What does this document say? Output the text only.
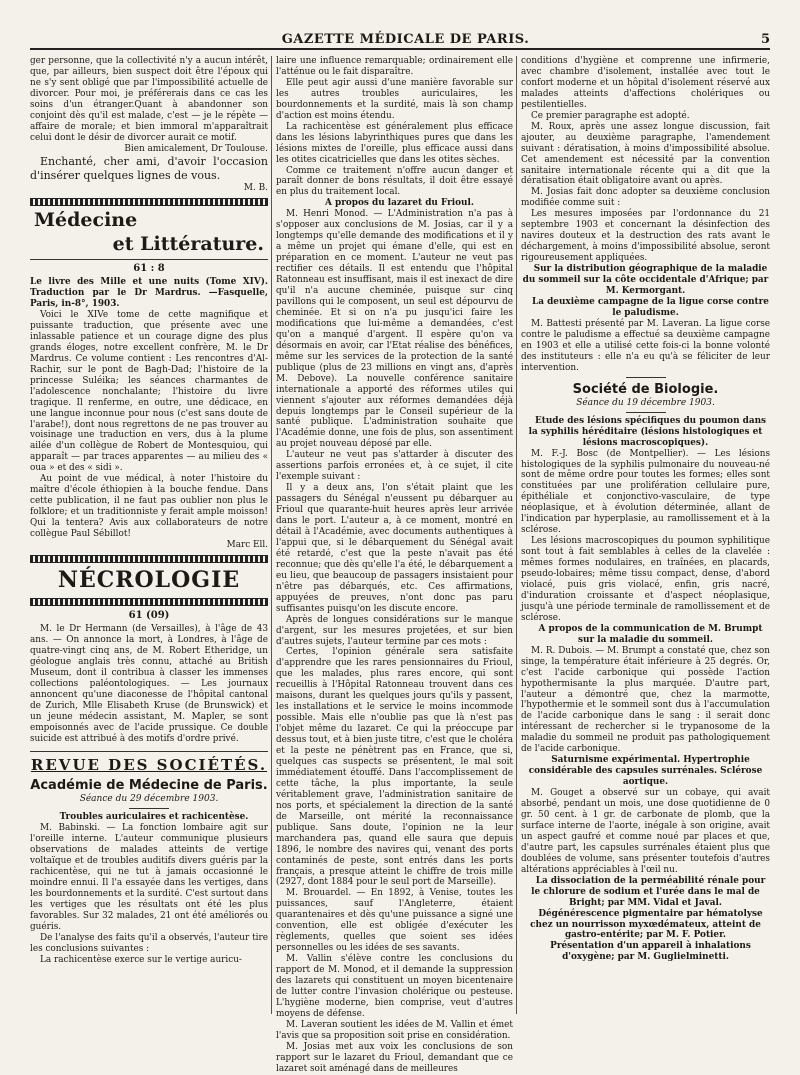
GAZETTE MÉDICALE DE PARIS.	5

ger personne, que la collectivité n'y a aucun intérêt, que, par ailleurs, bien suspect doit être l'époux qui ne s'y sent obligé que par l'impossibilité actuelle de divorcer. Pour moi, je préférerais dans ce cas les soins d'un étranger.Quant à abandonner son conjoint dès qu'il est malade, c'est — je le répète — affaire de morale; et bien immoral m'apparaîtrait celui dont le désir de divorcer aurait ce motif.

Bien amicalement, Dr Toulouse.

Enchanté, cher ami, d'avoir l'occasion d'insérer quelques lignes de vous.

M. B.

Médecine
et Littérature.
61 : 8

Le livre des Mille et une nuits (Tome XIV). Traduction par le Dr Mardrus. —Fasquelle, Paris, in-8°, 1903.

Voici le XIVe tome de cette magnifique et puissante traduction, que présente avec une inlassable patience et un courage digne des plus grands éloges, notre excellent confrère, M. le Dr Mardrus. Ce volume contient : Les rencontres d'Al-Rachir, sur le pont de Bagh-Dad; l'histoire de la princesse Suléika; les séances charmantes de l'adolescence nonchalante; l'histoire du livre tragique. Il renferme, en outre, une dédicace, en une langue inconnue pour nous (c'est sans doute de l'arabe!), dont nous regrettons de ne pas trouver au voisinage une traduction en vers, dus à la plume ailée d'un collègue de Robert de Montesquiou, qui apparaît — par traces apparentes — au milieu des « oua » et des « sidi ».

Au point de vue médical, à noter l'histoire du maître d'école éthiopien à la bouche fendue. Dans cette publication, il ne faut pas oublier non plus le folklore; et un traditionniste y ferait ample moisson! Qui la tentera? Avis aux collaborateurs de notre collègue Paul Sébillot!

Marc Ell.

NÉCROLOGIE
61 (09)

M. le Dr Hermann (de Versailles), à l'âge de 43 ans. — On annonce la mort, à Londres, à l'âge de quatre-vingt cinq ans, de M. Robert Etheridge, un géologue anglais très connu, attaché au British Museum, dont il contribua à classer les immenses collections paléontologiques. — Les journaux annoncent qu'une diaconesse de l'hôpital cantonal de Zurich, Mlle Elisabeth Kruse (de Brunswick) et un jeune médecin assistant, M. Mapler, se sont empoisonnés avec de l'acide prussique. Ce double suicide est attribué à des motifs d'ordre privé.

REVUE DES SOCIÉTÉS.
Académie de Médecine de Paris.
Séance du 29 décembre 1903.

Troubles auriculaires et rachicentèse.

M. Babinski. — La fonction lombaire agit sur l'oreille interne. L'auteur communique plusieurs observations de malades atteints de vertige voltaïque et de troubles auditifs divers guéris par la rachicentèse, qui ne tut à jamais occasionné le moindre ennui. Il l'a essayée dans les vertiges, dans les bourdonnements et la surdité. C'est surtout dans les vertiges que les résultats ont été les plus favorables. Sur 32 malades, 21 ont été améliorés ou guéris.

De l'analyse des faits qu'il a observés, l'auteur tire les conclusions suivantes :

La rachicentèse exerce sur le vertige auricu-

laire une influence remarquable; ordinairement elle l'atténue ou le fait disparaître.

Elle peut agir aussi d'une manière favorable sur les autres troubles auriculaires, les bourdonnements et la surdité, mais là son champ d'action est moins étendu.

La rachicentèse est généralement plus efficace dans les lésions labyrinthiques pures que dans les lésions mixtes de l'oreille, plus efficace aussi dans les otites cicatricielles que dans les otites sèches.

Comme ce traitement n'offre aucun danger et paraît donner de bons résultats, il doit être essayé en plus du traitement local.

A propos du lazaret du Frioul.

M. Henri Monod. — L'Administration n'a pas à s'opposer aux conclusions de M. Josias, car il y a longtemps qu'elle demande des modifications et il y a même un projet qui émane d'elle, qui est en préparation en ce moment. L'auteur ne veut pas rectifier ces détails. Il est entendu que l'hôpital Ratonneau est insuffisant, mais il est inexact de dire qu'il n'a aucune cheminée, puisque sur cinq pavillons qui le composent, un seul est dépourvu de cheminée. Et si on n'a pu jusqu'ici faire les modifications que lui-même a demandées, c'est qu'on a manqué d'argent. Il espère qu'on va désormais en avoir, car l'Etat réalise des bénéfices, même sur les services de la protection de la santé publique (plus de 23 millions en vingt ans, d'après M. Debove). La nouvelle conférence sanitaire internationale a apporté des réformes utiles qui viennent s'ajouter aux réformes demandées déjà depuis longtemps par le Conseil supérieur de la santé publique. L'administration souhaite que l'Académie donne, une fois de plus, son assentiment au projet nouveau déposé par elle.

L'auteur ne veut pas s'attarder à discuter des assertions parfois erronées et, à ce sujet, il cite l'exemple suivant :

Il y a deux ans, l'on s'était plaint que les passagers du Sénégal n'eussent pu débarquer au Frioul que quarante-huit heures après leur arrivée dans le port. L'auteur a, à ce moment, montré en détail à l'Académie, avec documents authentiques à l'appui que, si le débarquement du Sénégal avait été retardé, c'est que la peste n'avait pas été reconnue; que dès qu'elle l'a été, le débarquement a eu lieu, que beaucoup de passagers insistaient pour n'être pas débarqués, etc. Ces affirmations, appuyées de preuves, n'ont donc pas paru suffisantes puisqu'on les discute encore.

Après de longues considérations sur le manque d'argent, sur les mesures projetées, et sur bien d'autres sujets, l'auteur termine par ces mots :

Certes, l'opinion générale sera satisfaite d'apprendre que les rares pensionnaires du Frioul, que les malades, plus rares encore, qui sont recueillis à l'Hôpital Ratonneau trouvent dans ces maisons, durant les quelques jours qu'ils y passent, les installations et le service le moins incommode possible. Mais elle n'oublie pas que là n'est pas l'objet même du lazaret. Ce qui la préoccupe par dessus tout, et à bien juste titre, c'est que le choléra et la peste ne pénètrent pas en France, que si, quelques cas suspects se présentent, le mal soit immédiatement étouffé. Dans l'accomplissement de cette tâche, la plus importante, la seule véritablement grave, l'administration sanitaire de nos ports, et spécialement la direction de la santé de Marseille, ont mérité la reconnaissance publique. Sans doute, l'opinion ne la leur marchandera pas, quand elle saura que depuis 1896, le nombre des navires qui, venant des ports contaminés de peste, sont entrés dans les ports français, a presque atteint le chiffre de trois mille (2927, dont 1884 pour le seul port de Marseille).

M. Brouardel. — En 1892, à Venise, toutes les puissances, sauf l'Angleterre, étaient quarantenaires et dès qu'une puissance a signé une convention, elle est obligée d'exécuter les règlements, quelles que soient ses idées personnelles ou les idées de ses savants.

M. Vallin s'élève contre les conclusions du rapport de M. Monod, et il demande la suppression des lazarets qui constituent un moyen bicentenaire de lutter contre l'invasion cholérique ou pesteuse. L'hygiène moderne, bien comprise, veut d'autres moyens de défense.

M. Laveran soutient les idées de M. Vallin et émet l'avis que sa proposition soit prise en considération.

M. Josias met aux voix les conclusions de son rapport sur le lazaret du Frioul, demandant que ce lazaret soit aménagé dans de meilleures

conditions d'hygiène et comprenne une infirmerie, avec chambre d'isolement, installée avec tout le confort moderne et un hôpital d'isolement réservé aux malades atteints d'affections cholériques ou pestilentielles.

Ce premier paragraphe est adopté.

M. Roux, après une assez longue discussion, fait ajouter, au deuxième paragraphe, l'amendement suivant : dératisation, à moins d'impossibilité absolue. Cet amendement est nécessité par la convention sanitaire internationale récente qui a dit que la dératisation était obligatoire avant ou après.

M. Josias fait donc adopter sa deuxième conclusion modifiée comme suit :

Les mesures imposées par l'ordonnance du 21 septembre 1903 et concernant la désinfection des navires douteux et la destruction des rats avant le déchargement, à moins d'impossibilité absolue, seront rigoureusement appliquées.

Sur la distribution géographique de la maladie du sommeil sur la côte occidentale d'Afrique; par M. Kermorgant.

La deuxième campagne de la ligue corse contre le paludisme.

M. Battesti présenté par M. Laveran. La ligue corse contre le paludisme a effectué sa deuxième campagne en 1903 et elle a utilisé cette fois-ci la bonne volonté des instituteurs : elle n'a eu qu'à se féliciter de leur intervention.

Société de Biologie.
Séance du 19 décembre 1903.

Etude des lésions spécifiques du poumon dans la syphilis héréditaire (lésions histologiques et lésions macroscopiques).

M. F.-J. Bosc (de Montpellier). — Les lésions histologiques de la syphilis pulmonaire du nouveau-né sont de même ordre pour toutes les formes; elles sont constituées par une prolifération cellulaire pure, épithéliale et conjonctivo-vasculaire, de type néoplasique, et à évolution déterminée, allant de l'indication par hyperplasie, au ramollissement et à la sclérose.

Les lésions macroscopiques du poumon syphilitique sont tout à fait semblables à celles de la clavelée : mêmes formes nodulaires, en traînées, en placards, pseudo-lobaires; même tissu compact, dense, d'abord violacé, puis gris violacé, enfin, gris nacré, d'induration croissante et d'aspect néoplasique, jusqu'à une période terminale de ramollissement et de sclérose.

A propos de la communication de M. Brumpt sur la maladie du sommeil.

M. R. Dubois. — M. Brumpt a constaté que, chez son singe, la température était inférieure à 25 degrés. Or, c'est l'acide carbonique qui possède l'action hypothermisante la plus marquée. D'autre part, l'auteur a démontré que, chez la marmotte, l'hypothermie et le sommeil sont dus à l'accumulation de l'acide carbonique dans le sang : il serait donc intéressant de rechercher si le trypanosome de la maladie du sommeil ne produit pas pathologiquement de l'acide carbonique.

Saturnisme expérimental. Hypertrophie considérable des capsules surrénales. Sclérose aortique.

M. Gouget a observé sur un cobaye, qui avait absorbé, pendant un mois, une dose quotidienne de 0 gr. 50 cent. à 1 gr. de carbonate de plomb, que la surface interne de l'aorte, inégale à son origine, avait un aspect gaufré et comme noué par places et que, d'autre part, les capsules surrénales étaient plus que doublées de volume, sans présenter toutefois d'autres altérations appréciables à l'œil nu.

La dissociation de la perméabilité rénale pour le chlorure de sodium et l'urée dans le mal de Bright; par MM. Vidal et Javal.

Dégénérescence pigmentaire par hématolyse chez un nourrisson myxœdémateux, atteint de gastro-entérite; par M. F. Potier.

Présentation d'un appareil à inhalations d'oxygène; par M. Guglielminetti.
